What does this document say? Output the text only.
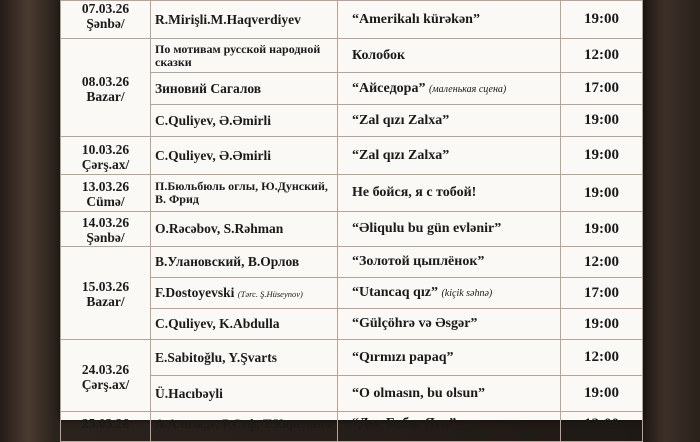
07.03.26
Şənbə/	R.Mirişli.M.Haqverdiyev	“Amerikalı kürəkən”	19:00

08.03.26
Bazar/	По мотивам русской народной сказки	Колобок	12:00
	Зиновий Сагалов	“Айседора” (маленькая сцена)	17:00
	C.Quliyev, Ə.Əmirli	“Zal qızı Zalxa”	19:00

10.03.26
Çərş.ax/	C.Quliyev, Ə.Əmirli	“Zal qızı Zalxa”	19:00

13.03.26
Cümə/	П.Бюльбюль оглы, Ю.Дунский, В. Фрид	Не бойся, я с тобой!	19:00

14.03.26
Şənbə/	O.Rəcəbov, S.Rəhman	“Əliqulu bu gün evlənir”	19:00

15.03.26
Bazar/	В.Улановский, В.Орлов	“Золотой цыплёнок”	12:00
	F.Dostoyevski (Tərc. Ş.Hüseynov)	“Utancaq qız” (kiçik səhnə)	17:00
	C.Quliyev, K.Abdulla	“Gülçöhrə və Əsgər”	19:00

24.03.26
Çərş.ax/	E.Sabitoğlu, Y.Şvarts	“Qırmızı papaq”	12:00
	Ü.Hacıbəyli	“O olmasın, bu olsun”	19:00

25.03.26	А.Ализаде, Р.Сеф, Т.Карелина	“Две Бабы-Яги”	12:00
